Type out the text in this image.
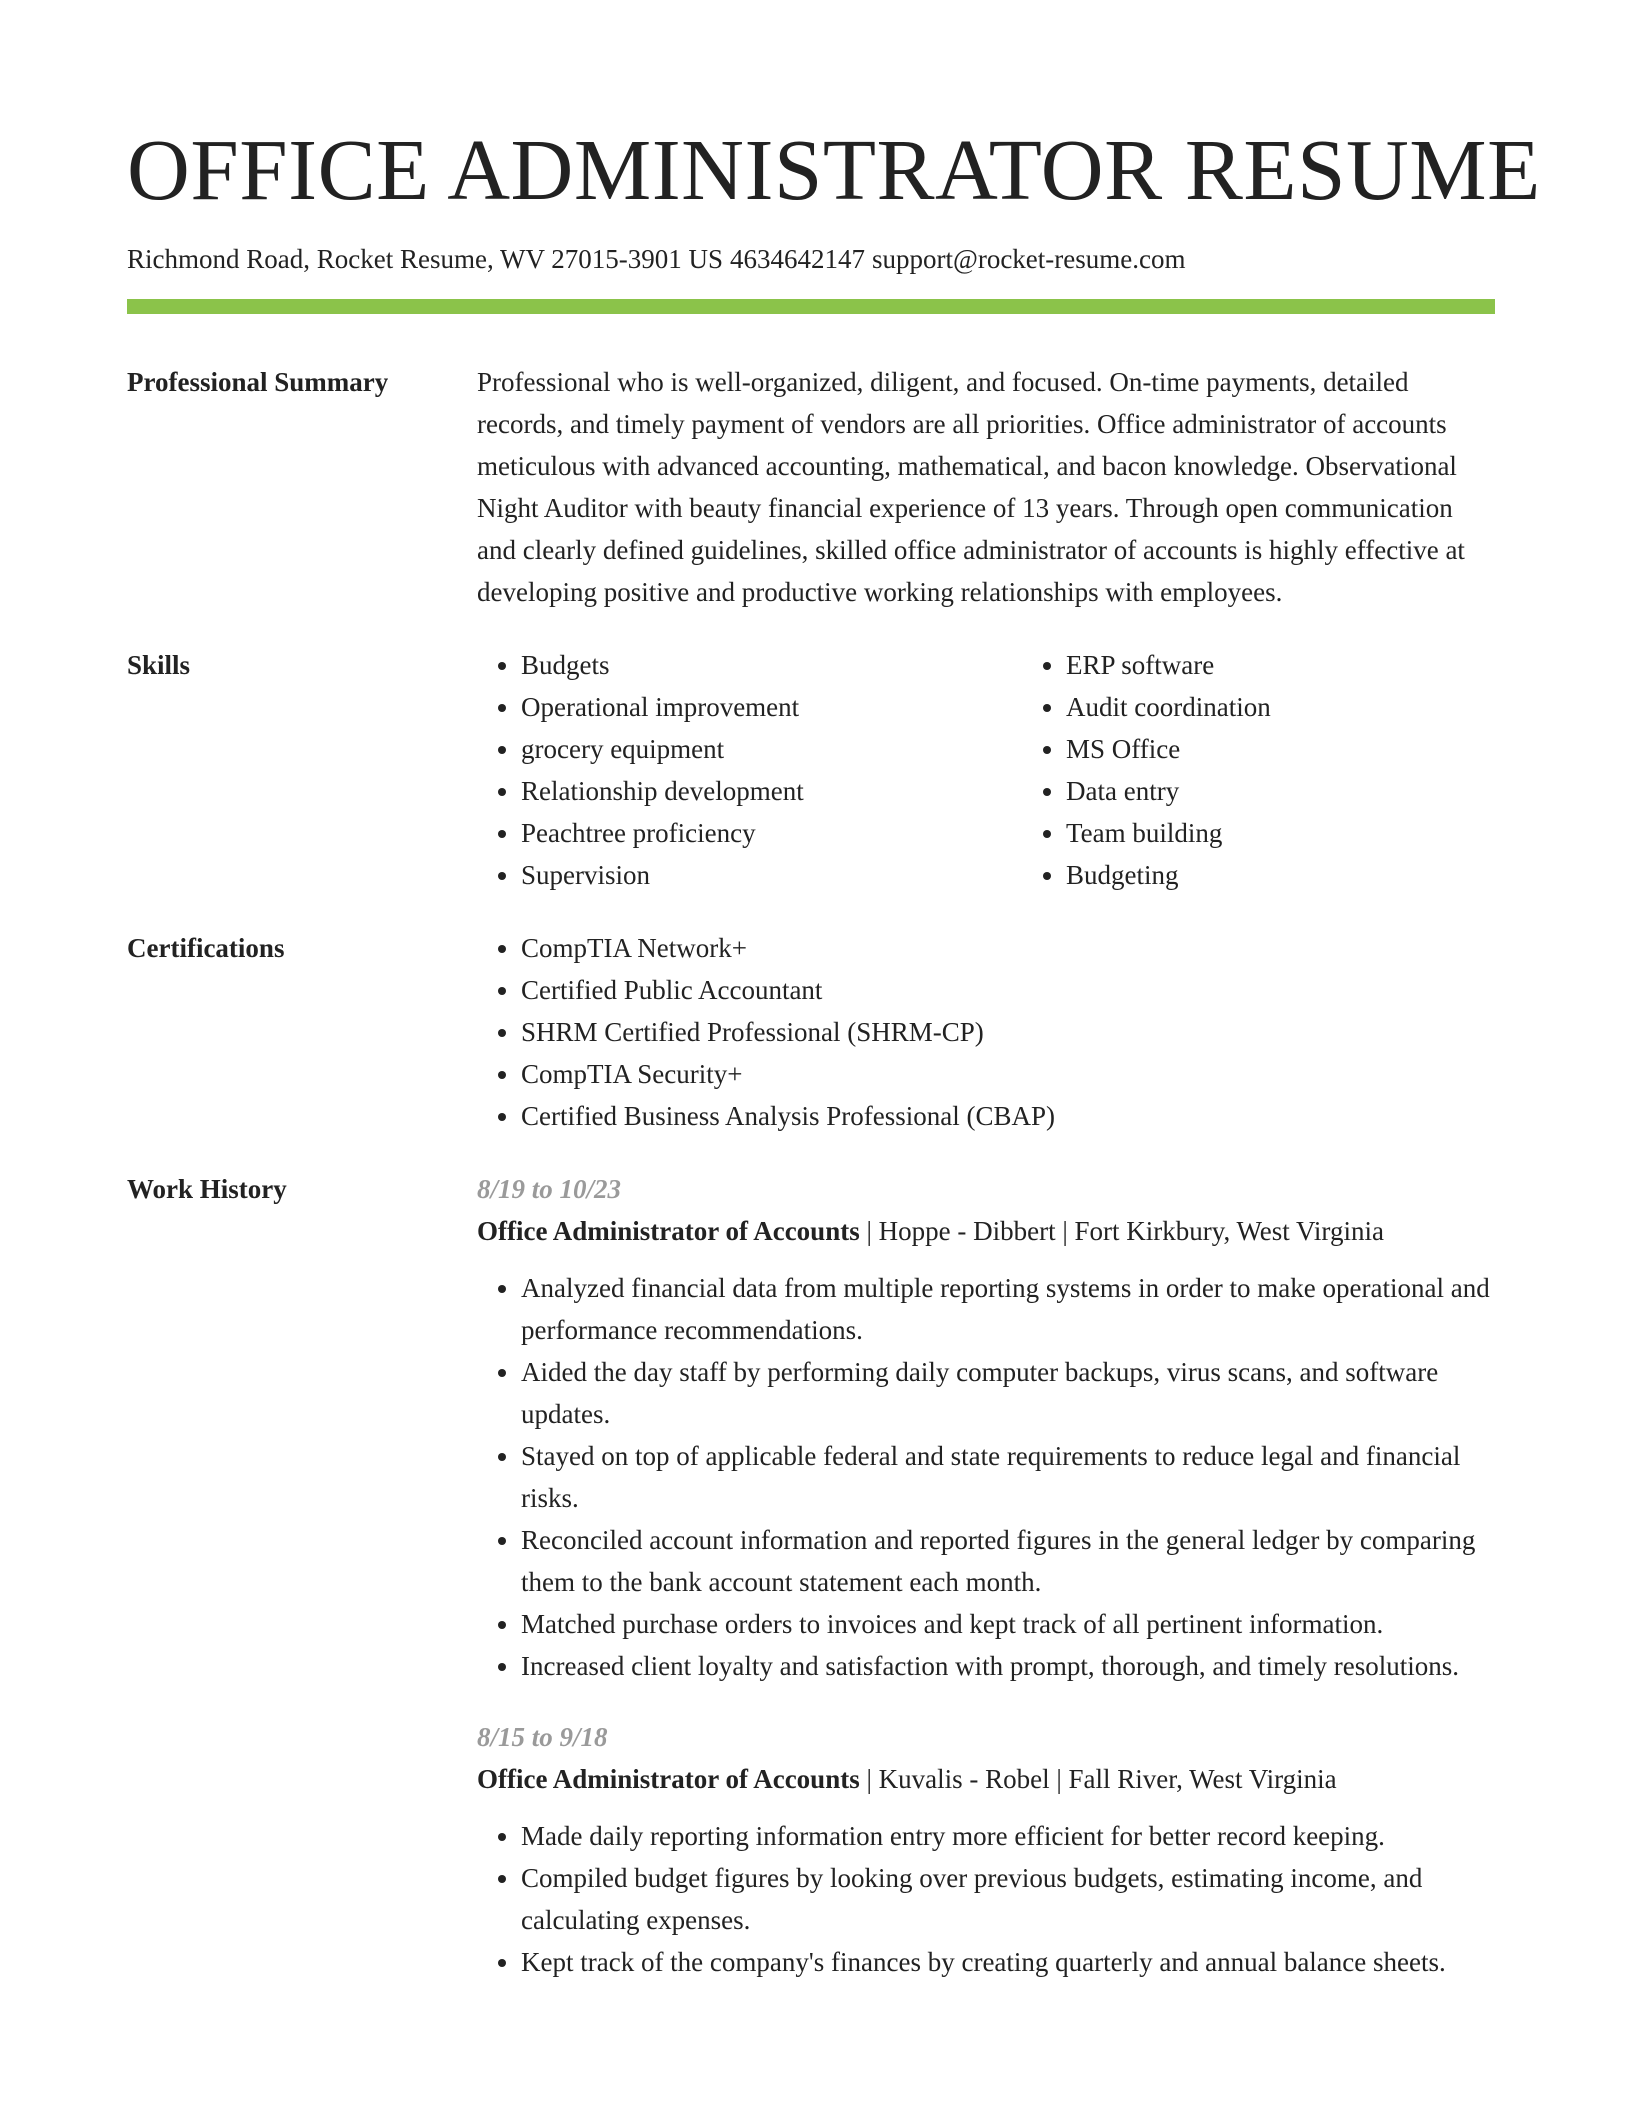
OFFICE ADMINISTRATOR RESUME
Richmond Road, Rocket Resume, WV 27015-3901 US 4634642147 support@rocket-resume.com
Professional Summary	Professional who is well-organized, diligent, and focused. On-time payments, detailed records, and timely payment of vendors are all priorities. Office administrator of accounts meticulous with advanced accounting, mathematical, and bacon knowledge. Observational Night Auditor with beauty financial experience of 13 years. Through open communication and clearly defined guidelines, skilled office administrator of accounts is highly effective at developing positive and productive working relationships with employees.

Skills	• Budgets
• Operational improvement
• grocery equipment
• Relationship development
• Peachtree proficiency
• Supervision
• ERP software
• Audit coordination
• MS Office
• Data entry
• Team building
• Budgeting
Certifications	• CompTIA Network+
• Certified Public Accountant
• SHRM Certified Professional (SHRM-CP)
• CompTIA Security+
• Certified Business Analysis Professional (CBAP)
Work History	8/19 to 10/23
Office Administrator of Accounts | Hoppe - Dibbert | Fort Kirkbury, West Virginia
• Analyzed financial data from multiple reporting systems in order to make operational and performance recommendations.
• Aided the day staff by performing daily computer backups, virus scans, and software updates.
• Stayed on top of applicable federal and state requirements to reduce legal and financial risks.
• Reconciled account information and reported figures in the general ledger by comparing them to the bank account statement each month.
• Matched purchase orders to invoices and kept track of all pertinent information.
• Increased client loyalty and satisfaction with prompt, thorough, and timely resolutions.
8/15 to 9/18
Office Administrator of Accounts | Kuvalis - Robel | Fall River, West Virginia
• Made daily reporting information entry more efficient for better record keeping.
• Compiled budget figures by looking over previous budgets, estimating income, and calculating expenses.
• Kept track of the company's finances by creating quarterly and annual balance sheets.
